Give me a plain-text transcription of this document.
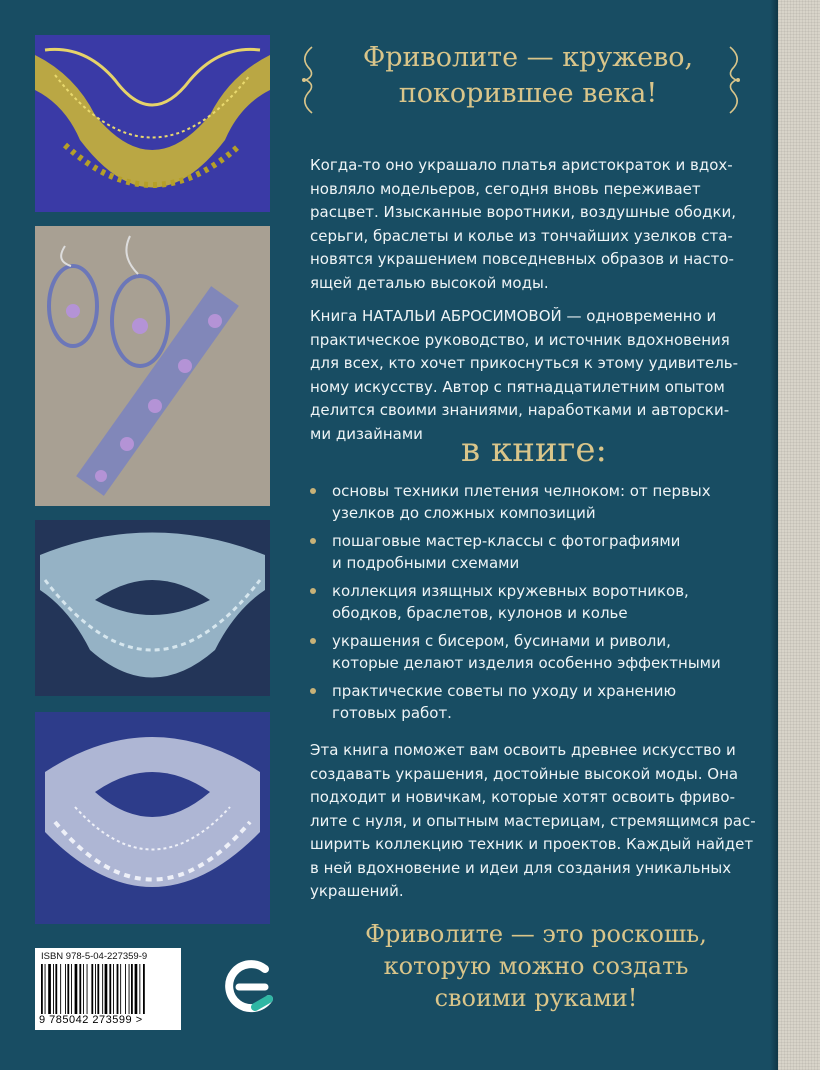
Фриволите — кружево,
покорившее века!
Когда-то оно украшало платья аристократок и вдох-
новляло модельеров, сегодня вновь переживает
расцвет. Изысканные воротники, воздушные ободки,
серьги, браслеты и колье из тончайших узелков ста-
новятся украшением повседневных образов и насто-
ящей деталью высокой моды.
Книга НАТАЛЬИ АБРОСИМОВОЙ — одновременно и
практическое руководство, и источник вдохновения
для всех, кто хочет прикоснуться к этому удивитель-
ному искусству. Автор с пятнадцатилетним опытом
делится своими знаниями, наработками и авторски-
ми дизайнами	в книге:
основы техники плетения челноком: от первых
узелков до сложных композиций
пошаговые мастер-классы с фотографиями
и подробными схемами
коллекция изящных кружевных воротников,
ободков, браслетов, кулонов и колье
украшения с бисером, бусинами и риволи,
которые делают изделия особенно эффектными
практические советы по уходу и хранению
готовых работ.
Эта книга поможет вам освоить древнее искусство и
создавать украшения, достойные высокой моды. Она
подходит и новичкам, которые хотят освоить фриво-
лите с нуля, и опытным мастерицам, стремящимся рас-
ширить коллекцию техник и проектов. Каждый найдет
в ней вдохновение и идеи для создания уникальных
украшений.
Фриволите — это роскошь,
которую можно создать
своими руками!
ISBN 978-5-04-227359-9
9 785042 273599 >
